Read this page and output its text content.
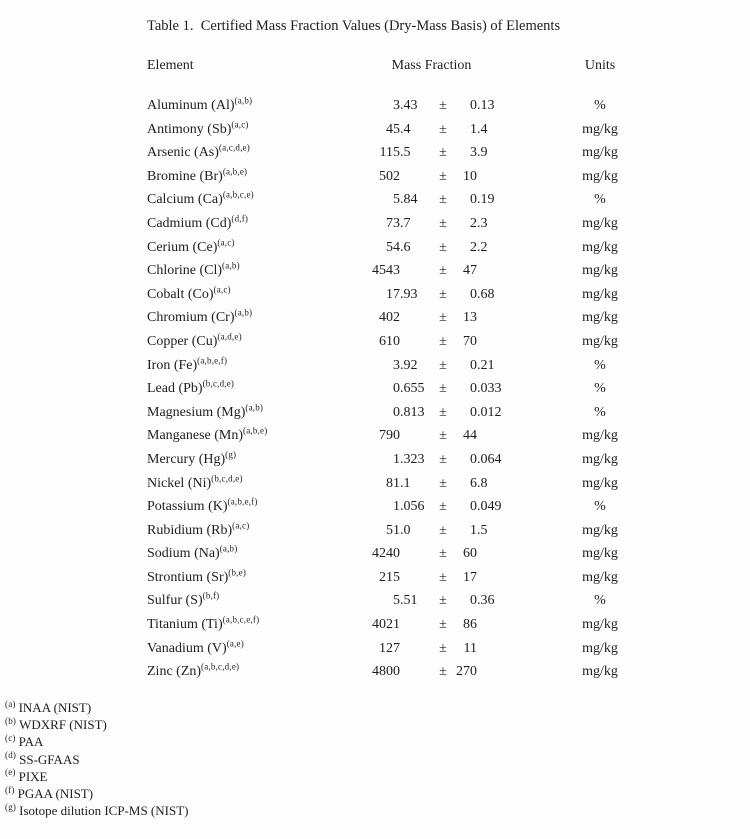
Table 1.  Certified Mass Fraction Values (Dry-Mass Basis) of Elements
Element	Mass Fraction	Units
Aluminum $(Al)^{(a,b)}$	3 .43	±	0 .13	%
Antimony $(Sb)^{(a,c)}$	45 .4	±	1 .4	mg/kg
Arsenic $(As)^{(a,c,d,e)}$	115 .5	±	3 .9	mg/kg
Bromine $(Br)^{(a,b,e)}$	502	±	10	mg/kg
Calcium $(Ca)^{(a,b,c,e)}$	5 .84	±	0 .19	%
Cadmium $(Cd)^{(d,f)}$	73 .7	±	2 .3	mg/kg
Cerium $(Ce)^{(a,c)}$	54 .6	±	2 .2	mg/kg
Chlorine $(Cl)^{(a,b)}$	4543	±	47	mg/kg
Cobalt $(Co)^{(a,c)}$	17 .93	±	0 .68	mg/kg
Chromium $(Cr)^{(a,b)}$	402	±	13	mg/kg
Copper $(Cu)^{(a,d,e)}$	610	±	70	mg/kg
Iron $(Fe)^{(a,b,e,f)}$	3 .92	±	0 .21	%
Lead $(Pb)^{(b,c,d,e)}$	0 .655	±	0 .033	%
Magnesium $(Mg)^{(a,b)}$	0 .813	±	0 .012	%
Manganese $(Mn)^{(a,b,e)}$	790	±	44	mg/kg
Mercury $(Hg)^{(g)}$	1 .323	±	0 .064	mg/kg
Nickel $(Ni)^{(b,c,d,e)}$	81 .1	±	6 .8	mg/kg
Potassium $(K)^{(a,b,e,f)}$	1 .056	±	0 .049	%
Rubidium $(Rb)^{(a,c)}$	51 .0	±	1 .5	mg/kg
Sodium $(Na)^{(a,b)}$	4240	±	60	mg/kg
Strontium $(Sr)^{(b,e)}$	215	±	17	mg/kg
Sulfur $(S)^{(b,f)}$	5 .51	±	0 .36	%
Titanium $(Ti)^{(a,b,c,e,f)}$	4021	±	86	mg/kg
Vanadium $(V)^{(a,e)}$	127	±	11	mg/kg
Zinc $(Zn)^{(a,b,c,d,e)}$	4800	± 270	mg/kg
$^{(a)}$ INAA (NIST)
$^{(b)}$ WDXRF (NIST)
$^{(c)}$ PAA
$^{(d)}$ SS-GFAAS
$^{(e)}$ PIXE
$^{(f)}$ PGAA (NIST)
$^{(g)}$ Isotope dilution ICP-MS (NIST)
